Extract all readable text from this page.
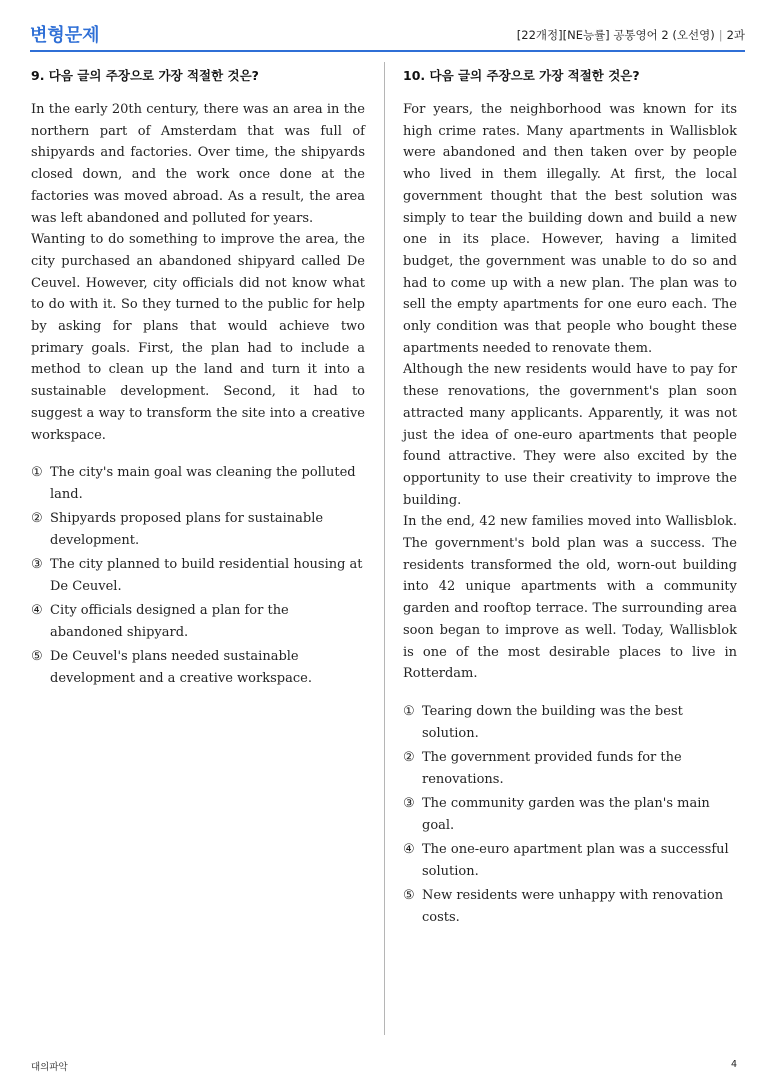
변형문제	[22개정][NE능률] 공통영어 2 (오선영) | 2과
9. 다음 글의 주장으로 가장 적절한 것은?

In the early 20th century, there was an area in the northern part of Amsterdam that was full of shipyards and factories. Over time, the shipyards closed down, and the work once done at the factories was moved abroad. As a result, the area was left abandoned and polluted for years.

Wanting to do something to improve the area, the city purchased an abandoned shipyard called De Ceuvel. However, city officials did not know what to do with it. So they turned to the public for help by asking for plans that would achieve two primary goals. First, the plan had to include a method to clean up the land and turn it into a sustainable development. Second, it had to suggest a way to transform the site into a creative workspace.

① The city's main goal was cleaning the polluted land.
② Shipyards proposed plans for sustainable development.
③ The city planned to build residential housing at De Ceuvel.
④ City officials designed a plan for the abandoned shipyard.
⑤ De Ceuvel's plans needed sustainable development and a creative workspace.
10. 다음 글의 주장으로 가장 적절한 것은?

For years, the neighborhood was known for its high crime rates. Many apartments in Wallisblok were abandoned and then taken over by people who lived in them illegally. At first, the local government thought that the best solution was simply to tear the building down and build a new one in its place. However, having a limited budget, the government was unable to do so and had to come up with a new plan. The plan was to sell the empty apartments for one euro each. The only condition was that people who bought these apartments needed to renovate them.

Although the new residents would have to pay for these renovations, the government's plan soon attracted many applicants. Apparently, it was not just the idea of one-euro apartments that people found attractive. They were also excited by the opportunity to use their creativity to improve the building.

In the end, 42 new families moved into Wallisblok. The government's bold plan was a success. The residents transformed the old, worn-out building into 42 unique apartments with a community garden and rooftop terrace. The surrounding area soon began to improve as well. Today, Wallisblok is one of the most desirable places to live in Rotterdam.

① Tearing down the building was the best solution.
② The government provided funds for the renovations.
③ The community garden was the plan's main goal.
④ The one-euro apartment plan was a successful solution.
⑤ New residents were unhappy with renovation costs.
대의파악	4
